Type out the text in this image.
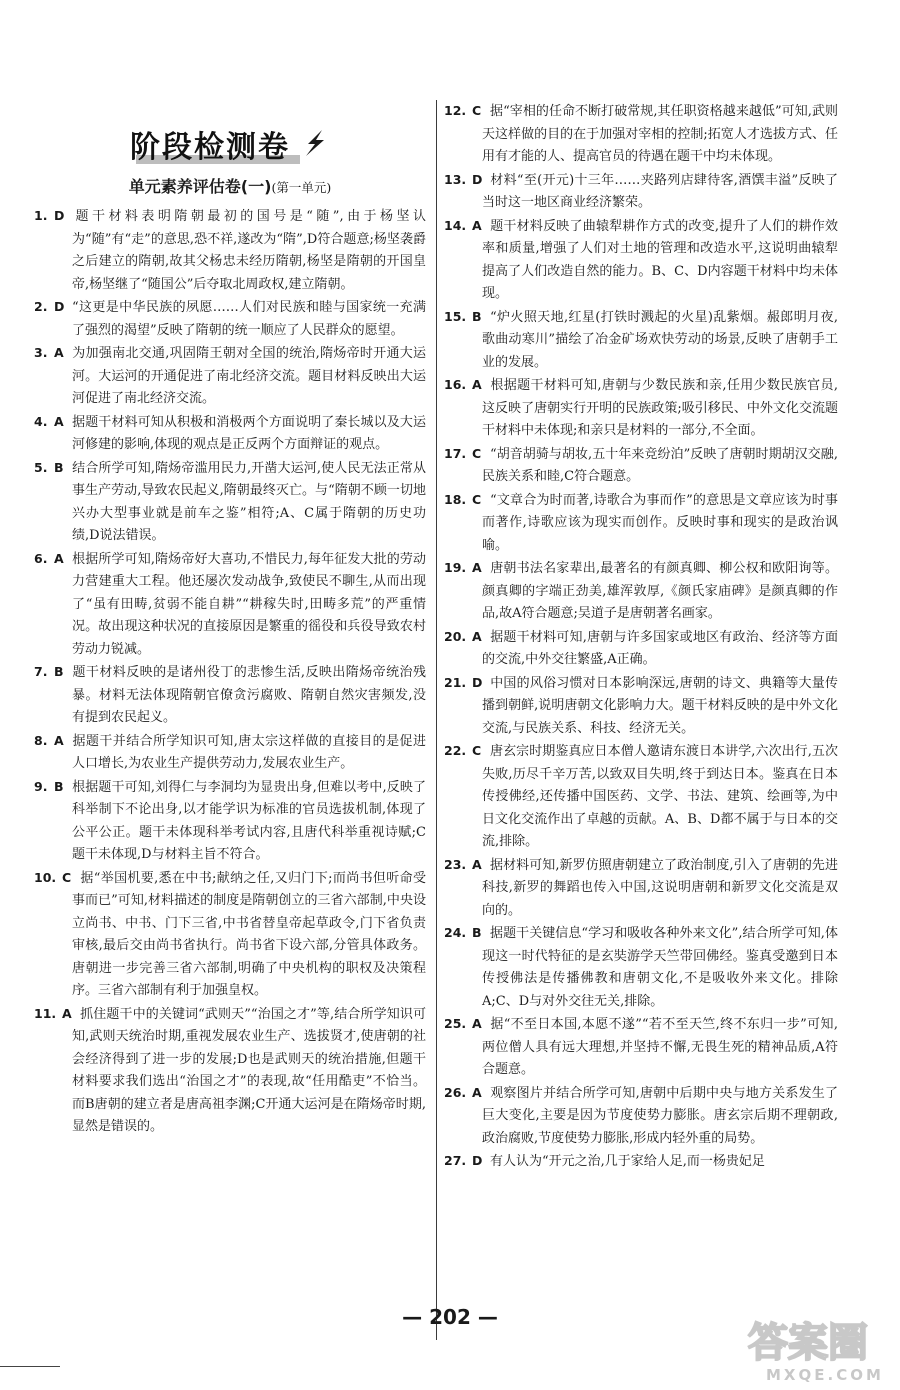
阶段检测卷
单元素养评估卷(一)(第一单元)

1. D 题干材料表明隋朝最初的国号是“随”,由于杨坚认为“随”有“走”的意思,恐不祥,遂改为“隋”,D符合题意;杨坚袭爵之后建立的隋朝,故其父杨忠未经历隋朝,杨坚是隋朝的开国皇帝,杨坚继了“随国公”后夺取北周政权,建立隋朝。

2. D “这更是中华民族的夙愿……人们对民族和睦与国家统一充满了强烈的渴望”反映了隋朝的统一顺应了人民群众的愿望。

3. A 为加强南北交通,巩固隋王朝对全国的统治,隋炀帝时开通大运河。大运河的开通促进了南北经济交流。题目材料反映出大运河促进了南北经济交流。

4. A 据题干材料可知从积极和消极两个方面说明了秦长城以及大运河修建的影响,体现的观点是正反两个方面辩证的观点。

5. B 结合所学可知,隋炀帝滥用民力,开凿大运河,使人民无法正常从事生产劳动,导致农民起义,隋朝最终灭亡。与“隋朝不顾一切地兴办大型事业就是前车之鉴”相符;A、C属于隋朝的历史功绩,D说法错误。

6. A 根据所学可知,隋炀帝好大喜功,不惜民力,每年征发大批的劳动力营建重大工程。他还屡次发动战争,致使民不聊生,从而出现了“虽有田畴,贫弱不能自耕”“耕稼失时,田畴多荒”的严重情况。故出现这种状况的直接原因是繁重的徭役和兵役导致农村劳动力锐减。

7. B 题干材料反映的是诸州役丁的悲惨生活,反映出隋炀帝统治残暴。材料无法体现隋朝官僚贪污腐败、隋朝自然灾害频发,没有提到农民起义。

8. A 据题干并结合所学知识可知,唐太宗这样做的直接目的是促进人口增长,为农业生产提供劳动力,发展农业生产。

9. B 根据题干可知,刘得仁与李洞均为显贵出身,但难以考中,反映了科举制下不论出身,以才能学识为标准的官员选拔机制,体现了公平公正。题干未体现科举考试内容,且唐代科举重视诗赋;C题干未体现,D与材料主旨不符合。

10. C 据“举国机要,悉在中书;献纳之任,又归门下;而尚书但听命受事而已”可知,材料描述的制度是隋朝创立的三省六部制,中央设立尚书、中书、门下三省,中书省替皇帝起草政令,门下省负责审核,最后交由尚书省执行。尚书省下设六部,分管具体政务。唐朝进一步完善三省六部制,明确了中央机构的职权及决策程序。三省六部制有利于加强皇权。

11. A 抓住题干中的关键词“武则天”“治国之才”等,结合所学知识可知,武则天统治时期,重视发展农业生产、选拔贤才,使唐朝的社会经济得到了进一步的发展;D也是武则天的统治措施,但题干材料要求我们选出“治国之才”的表现,故“任用酷吏”不恰当。而B唐朝的建立者是唐高祖李渊;C开通大运河是在隋炀帝时期,显然是错误的。

12. C 据“宰相的任命不断打破常规,其任职资格越来越低”可知,武则天这样做的目的在于加强对宰相的控制;拓宽人才选拔方式、任用有才能的人、提高官员的待遇在题干中均未体现。

13. D 材料“至(开元)十三年……夹路列店肆待客,酒馔丰溢”反映了当时这一地区商业经济繁荣。

14. A 题干材料反映了曲辕犁耕作方式的改变,提升了人们的耕作效率和质量,增强了人们对土地的管理和改造水平,这说明曲辕犁提高了人们改造自然的能力。B、C、D内容题干材料中均未体现。

15. B “炉火照天地,红星(打铁时溅起的火星)乱紫烟。赧郎明月夜,歌曲动寒川”描绘了冶金矿场欢快劳动的场景,反映了唐朝手工业的发展。

16. A 根据题干材料可知,唐朝与少数民族和亲,任用少数民族官员,这反映了唐朝实行开明的民族政策;吸引移民、中外文化交流题干材料中未体现;和亲只是材料的一部分,不全面。

17. C “胡音胡骑与胡妆,五十年来竞纷泊”反映了唐朝时期胡汉交融,民族关系和睦,C符合题意。

18. C “文章合为时而著,诗歌合为事而作”的意思是文章应该为时事而著作,诗歌应该为现实而创作。反映时事和现实的是政治讽喻。

19. A 唐朝书法名家辈出,最著名的有颜真卿、柳公权和欧阳询等。颜真卿的字端正劲美,雄浑敦厚,《颜氏家庙碑》是颜真卿的作品,故A符合题意;吴道子是唐朝著名画家。

20. A 据题干材料可知,唐朝与许多国家或地区有政治、经济等方面的交流,中外交往繁盛,A正确。

21. D 中国的风俗习惯对日本影响深远,唐朝的诗文、典籍等大量传播到朝鲜,说明唐朝文化影响力大。题干材料反映的是中外文化交流,与民族关系、科技、经济无关。

22. C 唐玄宗时期鉴真应日本僧人邀请东渡日本讲学,六次出行,五次失败,历尽千辛万苦,以致双目失明,终于到达日本。鉴真在日本传授佛经,还传播中国医药、文学、书法、建筑、绘画等,为中日文化交流作出了卓越的贡献。A、B、D都不属于与日本的交流,排除。

23. A 据材料可知,新罗仿照唐朝建立了政治制度,引入了唐朝的先进科技,新罗的舞蹈也传入中国,这说明唐朝和新罗文化交流是双向的。

24. B 据题干关键信息“学习和吸收各种外来文化”,结合所学可知,体现这一时代特征的是玄奘游学天竺带回佛经。鉴真受邀到日本传授佛法是传播佛教和唐朝文化,不是吸收外来文化。排除A;C、D与对外交往无关,排除。

25. A 据“不至日本国,本愿不遂”“若不至天竺,终不东归一步”可知,两位僧人具有远大理想,并坚持不懈,无畏生死的精神品质,A符合题意。

26. A 观察图片并结合所学可知,唐朝中后期中央与地方关系发生了巨大变化,主要是因为节度使势力膨胀。唐玄宗后期不理朝政,政治腐败,节度使势力膨胀,形成内轻外重的局势。

27. D 有人认为“开元之治,几于家给人足,而一杨贵妃足

— 202 —
答案圈
MXQE.COM
